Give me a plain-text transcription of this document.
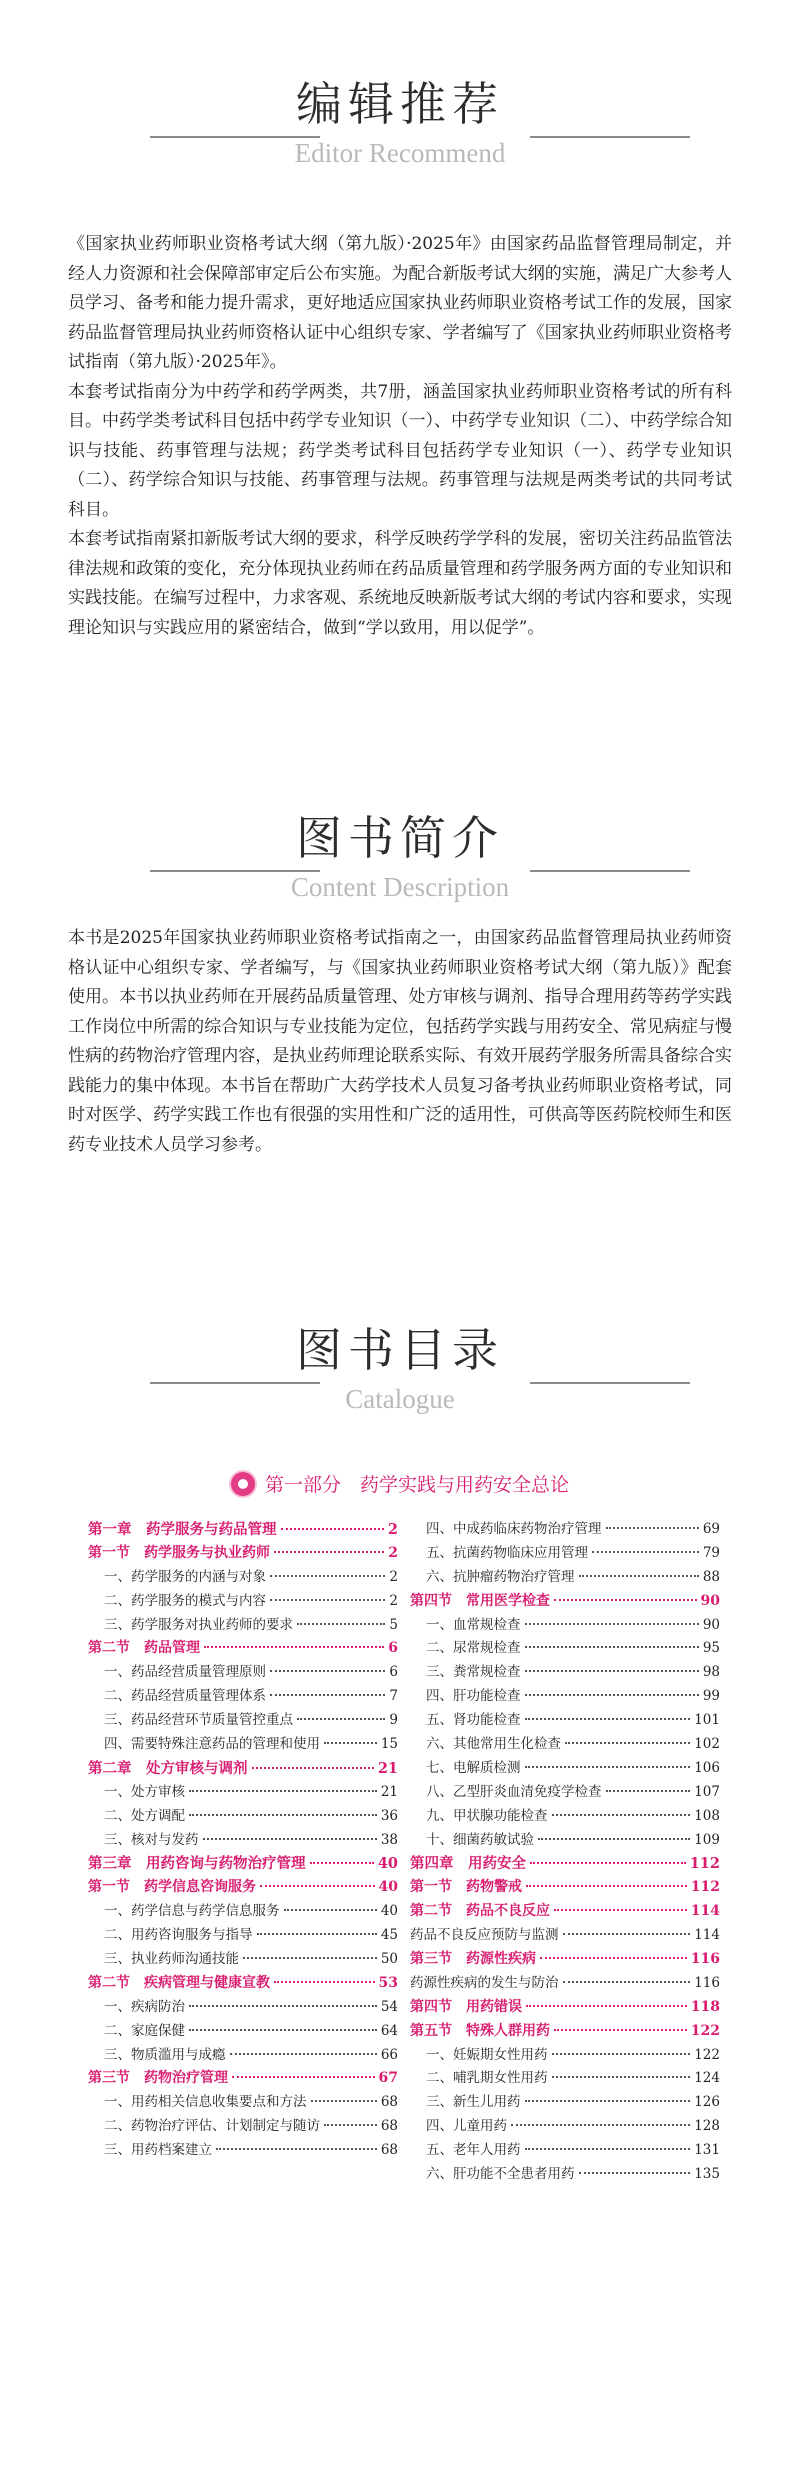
编辑推荐
Editor Recommend

《国家执业药师职业资格考试大纲（第九版）·2025年》由国家药品监督管理局制定，并经人力资源和社会保障部审定后公布实施。为配合新版考试大纲的实施，满足广大参考人员学习、备考和能力提升需求，更好地适应国家执业药师职业资格考试工作的发展，国家药品监督管理局执业药师资格认证中心组织专家、学者编写了《国家执业药师职业资格考试指南（第九版）·2025年》。

本套考试指南分为中药学和药学两类，共7册，涵盖国家执业药师职业资格考试的所有科目。中药学类考试科目包括中药学专业知识（一）、中药学专业知识（二）、中药学综合知识与技能、药事管理与法规；药学类考试科目包括药学专业知识（一）、药学专业知识（二）、药学综合知识与技能、药事管理与法规。药事管理与法规是两类考试的共同考试科目。

本套考试指南紧扣新版考试大纲的要求，科学反映药学学科的发展，密切关注药品监管法律法规和政策的变化，充分体现执业药师在药品质量管理和药学服务两方面的专业知识和实践技能。在编写过程中，力求客观、系统地反映新版考试大纲的考试内容和要求，实现理论知识与实践应用的紧密结合，做到“学以致用，用以促学”。

图书简介
Content Description

本书是2025年国家执业药师职业资格考试指南之一，由国家药品监督管理局执业药师资格认证中心组织专家、学者编写，与《国家执业药师职业资格考试大纲（第九版）》配套使用。本书以执业药师在开展药品质量管理、处方审核与调剂、指导合理用药等药学实践工作岗位中所需的综合知识与专业技能为定位，包括药学实践与用药安全、常见病症与慢性病的药物治疗管理内容，是执业药师理论联系实际、有效开展药学服务所需具备综合实践能力的集中体现。本书旨在帮助广大药学技术人员复习备考执业药师职业资格考试，同时对医学、药学实践工作也有很强的实用性和广泛的适用性，可供高等医药院校师生和医药专业技术人员学习参考。

图书目录
Catalogue
第一部分　药学实践与用药安全总论
第一章　药学服务与药品管理	2
第一节　药学服务与执业药师	2
一、药学服务的内涵与对象	2
二、药学服务的模式与内容	2
三、药学服务对执业药师的要求	5
第二节　药品管理	6
一、药品经营质量管理原则	6
二、药品经营质量管理体系	7
三、药品经营环节质量管控重点	9
四、需要特殊注意药品的管理和使用	15
第二章　处方审核与调剂	21
一、处方审核	21
二、处方调配	36
三、核对与发药	38
第三章　用药咨询与药物治疗管理	40
第一节　药学信息咨询服务	40
一、药学信息与药学信息服务	40
二、用药咨询服务与指导	45
三、执业药师沟通技能	50
第二节　疾病管理与健康宣教	53
一、疾病防治	54
二、家庭保健	64
三、物质滥用与成瘾	66
第三节　药物治疗管理	67
一、用药相关信息收集要点和方法	68
二、药物治疗评估、计划制定与随访	68
三、用药档案建立	68
四、中成药临床药物治疗管理	69
五、抗菌药物临床应用管理	79
六、抗肿瘤药物治疗管理	88
第四节　常用医学检查	90
一、血常规检查	90
二、尿常规检查	95
三、粪常规检查	98
四、肝功能检查	99
五、肾功能检查	101
六、其他常用生化检查	102
七、电解质检测	106
八、乙型肝炎血清免疫学检查	107
九、甲状腺功能检查	108
十、细菌药敏试验	109
第四章　用药安全	112
第一节　药物警戒	112
第二节　药品不良反应	114
药品不良反应预防与监测	114
第三节　药源性疾病	116
药源性疾病的发生与防治	116
第四节　用药错误	118
第五节　特殊人群用药	122
一、妊娠期女性用药	122
二、哺乳期女性用药	124
三、新生儿用药	126
四、儿童用药	128
五、老年人用药	131
六、肝功能不全患者用药	135
